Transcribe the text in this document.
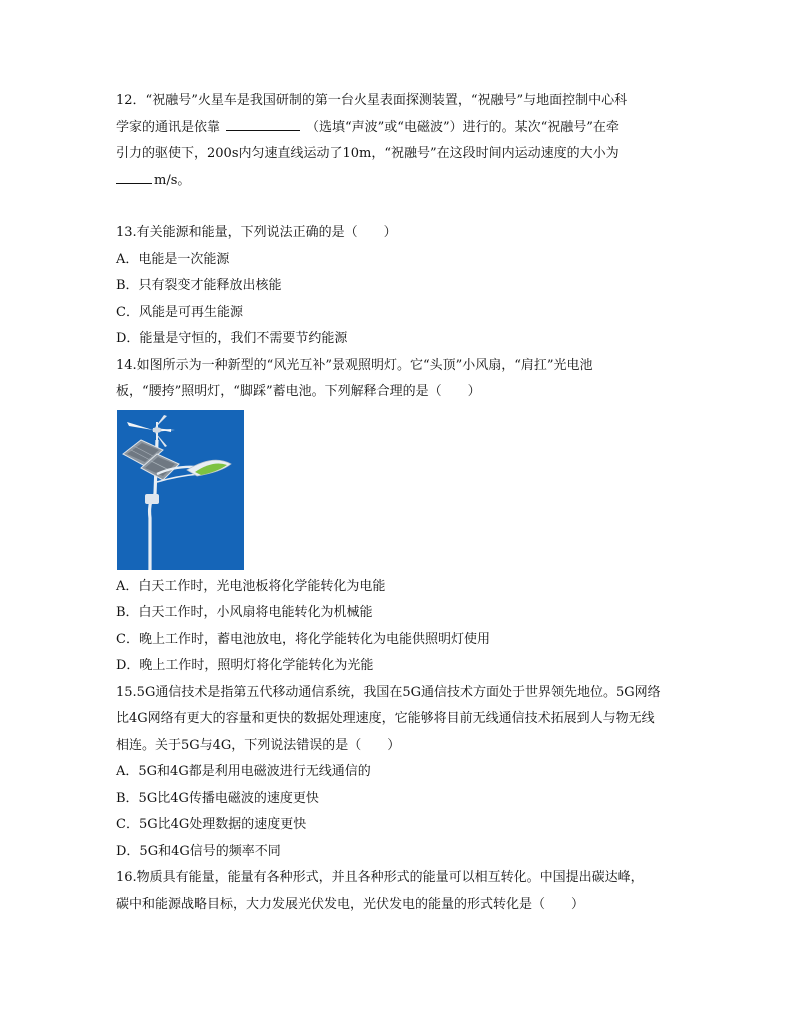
12．“祝融号”火星车是我国研制的第一台火星表面探测装置，“祝融号”与地面控制中心科
学家的通讯是依靠	（选填“声波”或“电磁波”）进行的。某次“祝融号”在牵
引力的驱使下，200s内匀速直线运动了10m，“祝融号”在这段时间内运动速度的大小为
m/s。
13.有关能源和能量，下列说法正确的是（　　）
A．电能是一次能源
B．只有裂变才能释放出核能
C．风能是可再生能源
D．能量是守恒的，我们不需要节约能源
14.如图所示为一种新型的“风光互补”景观照明灯。它“头顶”小风扇，“肩扛”光电池
板，“腰挎”照明灯，“脚踩”蓄电池。下列解释合理的是（　　）
A．白天工作时，光电池板将化学能转化为电能
B．白天工作时，小风扇将电能转化为机械能
C．晚上工作时，蓄电池放电，将化学能转化为电能供照明灯使用
D．晚上工作时，照明灯将化学能转化为光能
15.5G通信技术是指第五代移动通信系统，我国在5G通信技术方面处于世界领先地位。5G网络
比4G网络有更大的容量和更快的数据处理速度，它能够将目前无线通信技术拓展到人与物无线
相连。关于5G与4G，下列说法错误的是（　　）
A．5G和4G都是利用电磁波进行无线通信的
B．5G比4G传播电磁波的速度更快
C．5G比4G处理数据的速度更快
D．5G和4G信号的频率不同
16.物质具有能量，能量有各种形式，并且各种形式的能量可以相互转化。中国提出碳达峰，
碳中和能源战略目标，大力发展光伏发电，光伏发电的能量的形式转化是（　　）
